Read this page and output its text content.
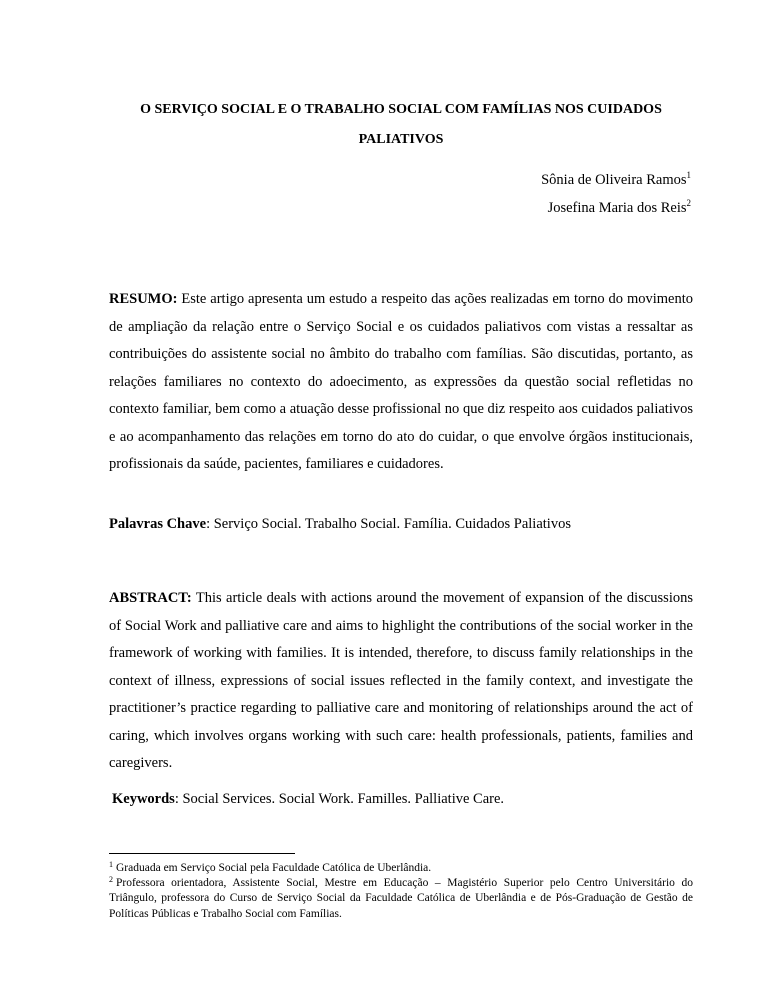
O SERVIÇO SOCIAL E O TRABALHO SOCIAL COM FAMÍLIAS NOS CUIDADOS PALIATIVOS
Sônia de Oliveira Ramos$^1$
Josefina Maria dos Reis$^2$

RESUMO: Este artigo apresenta um estudo a respeito das ações realizadas em torno do movimento de ampliação da relação entre o Serviço Social e os cuidados paliativos com vistas a ressaltar as contribuições do assistente social no âmbito do trabalho com famílias. São discutidas, portanto, as relações familiares no contexto do adoecimento, as expressões da questão social refletidas no contexto familiar, bem como a atuação desse profissional no que diz respeito aos cuidados paliativos e ao acompanhamento das relações em torno do ato do cuidar, o que envolve órgãos institucionais, profissionais da saúde, pacientes, familiares e cuidadores.

Palavras Chave: Serviço Social. Trabalho Social. Família. Cuidados Paliativos

ABSTRACT: This article deals with actions around the movement of expansion of the discussions of Social Work and palliative care and aims to highlight the contributions of the social worker in the framework of working with families. It is intended, therefore, to discuss family relationships in the context of illness, expressions of social issues reflected in the family context, and investigate the practitioner’s practice regarding to palliative care and monitoring of relationships around the act of caring, which involves organs working with such care: health professionals, patients, families and caregivers.

Keywords: Social Services. Social Work. Familles. Palliative Care.

$^1$ Graduada em Serviço Social pela Faculdade Católica de Uberlândia.

$^2$ Professora orientadora, Assistente Social, Mestre em Educação – Magistério Superior pelo Centro Universitário do Triângulo, professora do Curso de Serviço Social da Faculdade Católica de Uberlândia e de Pós-Graduação de Gestão de Políticas Públicas e Trabalho Social com Famílias.
